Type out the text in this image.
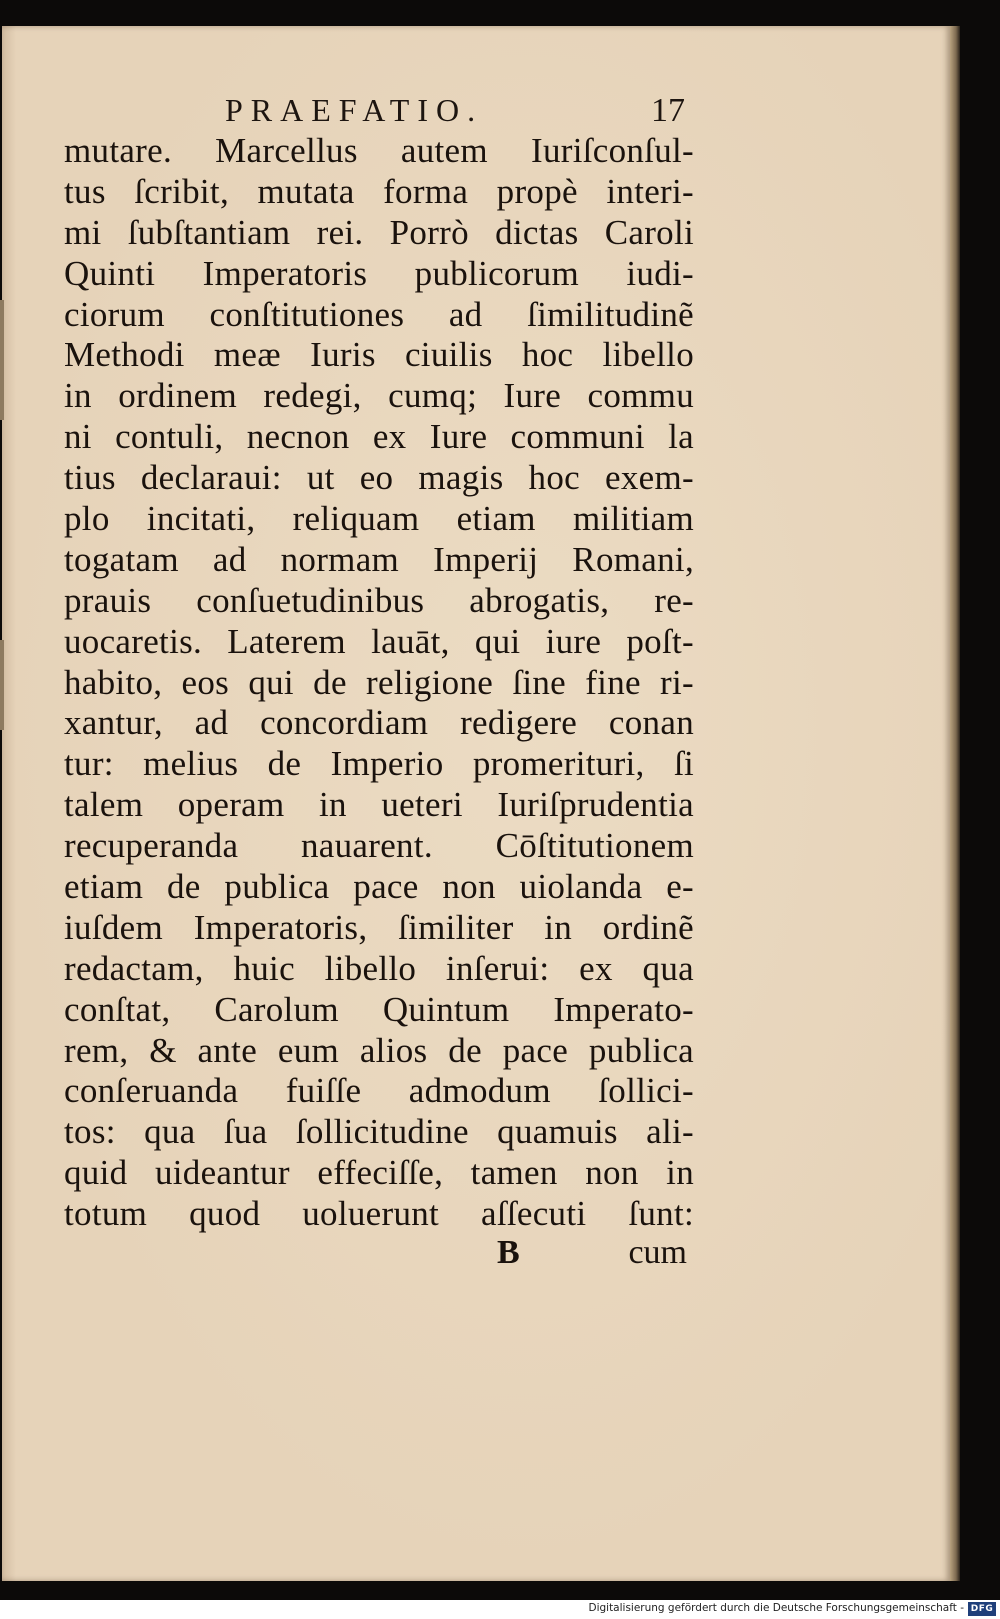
PRAEFATIO.	17
mutare. Marcellus autem Iuriſconſul-
tus ſcribit, mutata forma propè interi-
mi ſubſtantiam rei. Porrò dictas Caroli
Quinti Imperatoris publicorum iudi-
ciorum conſtitutiones ad ſimilitudinẽ
Methodi meæ Iuris ciuilis hoc libello
in ordinem redegi, cumq; Iure commu
ni contuli, necnon ex Iure communi la
tius declaraui: ut eo magis hoc exem-
plo incitati, reliquam etiam militiam
togatam ad normam Imperij Romani,
prauis conſuetudinibus abrogatis, re-
uocaretis. Laterem lauāt, qui iure poſt-
habito, eos qui de religione ſine fine ri-
xantur, ad concordiam redigere conan
tur: melius de Imperio promerituri, ſi
talem operam in ueteri Iuriſprudentia
recuperanda nauarent. Cōſtitutionem
etiam de publica pace non uiolanda e-
iuſdem Imperatoris, ſimiliter in ordinẽ
redactam, huic libello inſerui: ex qua
conſtat, Carolum Quintum Imperato-
rem, & ante eum alios de pace publica
conſeruanda fuiſſe admodum ſollici-
tos: qua ſua ſollicitudine quamuis ali-
quid uideantur effeciſſe, tamen non in
totum quod uoluerunt aſſecuti ſunt:
B	cum
Digitalisierung gefördert durch die Deutsche Forschungsgemeinschaft - DFG
